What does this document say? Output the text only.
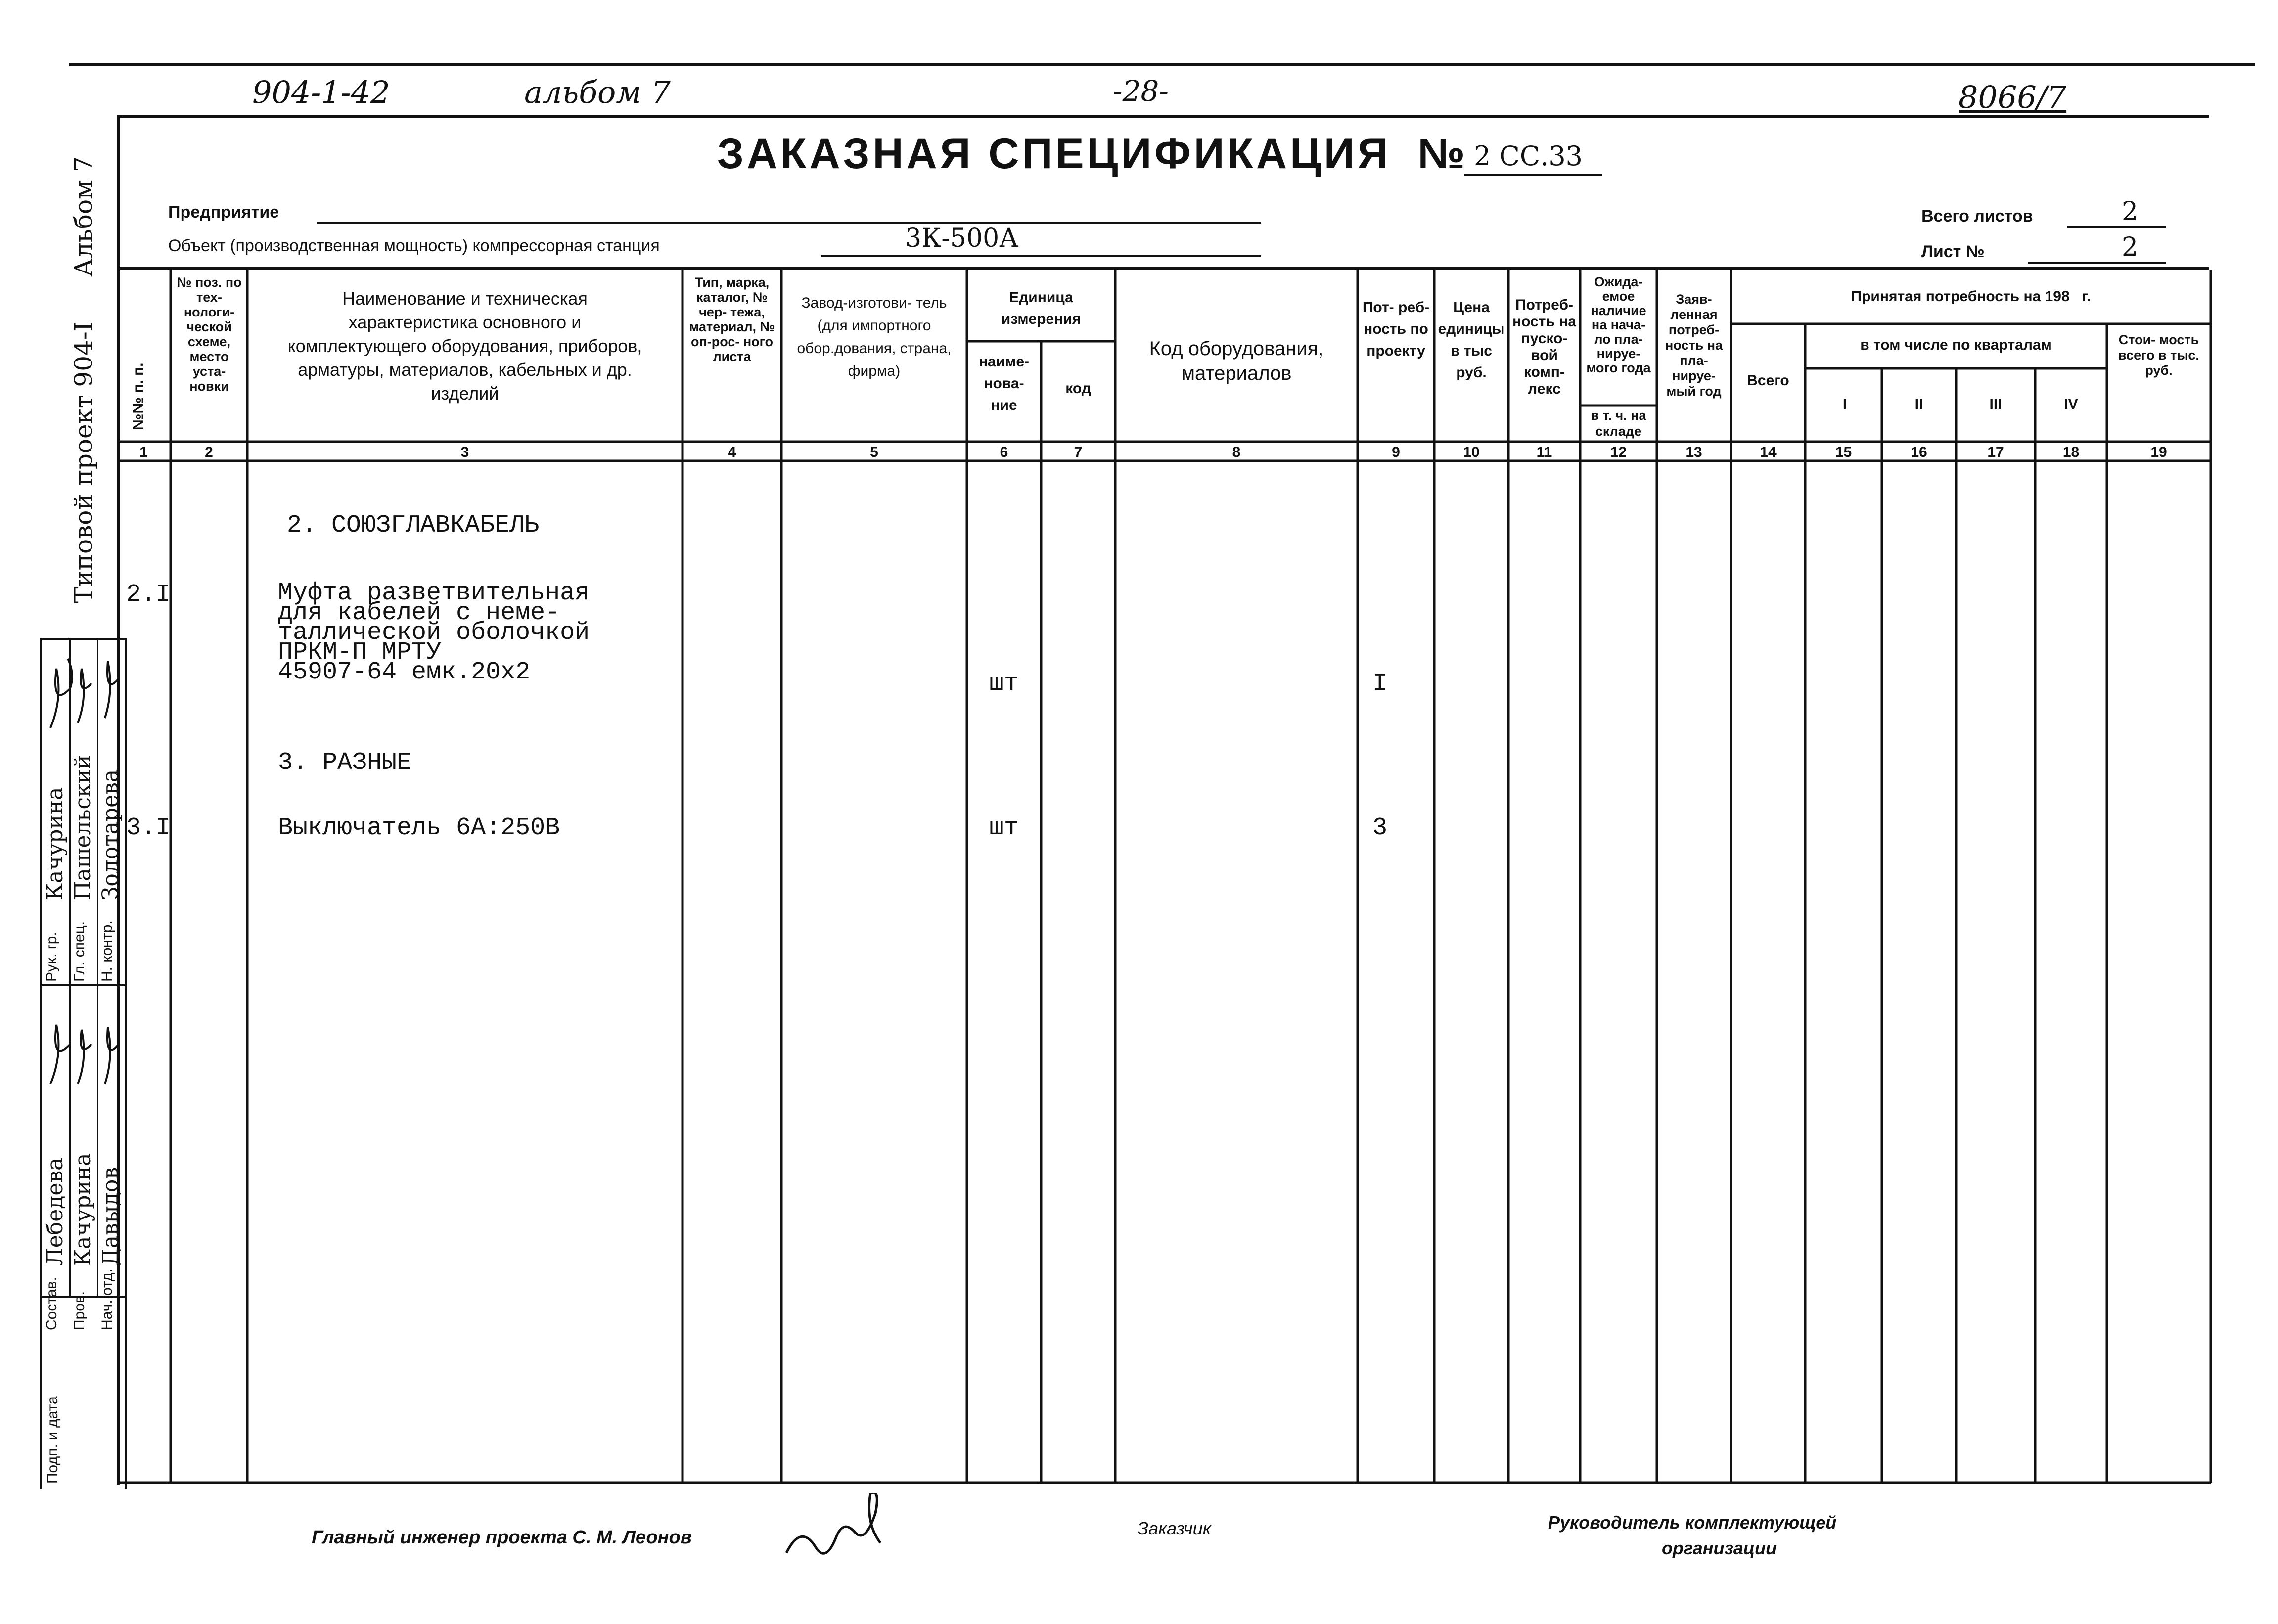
904-1-42	альбом 7	-28-	8066/7
Альбом 7
Типовой проект 904-I
Рук. гр. Гл. спец. Н. контр.
Качурина Пашельский Золотарева
Состав. Пров. Нач. отд.
Лебедева Качурина Давыдов
Подп. и дата
ЗАКАЗНАЯ СПЕЦИФИКАЦИЯ № 2 СС.33
Предприятие
Объект (производственная мощность) компрессорная станция	3К-500А
Всего листов	2
Лист №	2
№№ п. п.
№ поз. по тех- нологи- ческой схеме, место уста- новки
Наименование и техническая характеристика основного и комплектующего оборудования, приборов, арматуры, материалов, кабельных и др. изделий
Тип, марка, каталог, № чер- тежа, материал, № оп-рос- ного листа
Завод-изготови- тель (для импортного обор.дования, страна, фирма)
Единица измерения
наиме- нова- ние
код
Код оборудования, материалов
Пот- реб- ность по проекту
Цена единицы в тыс руб.
Потреб- ность на пуско- вой комп- лекс
Ожида- емое наличие на нача- ло пла- нируе- мого года
в т. ч. на складе
Заяв- ленная потреб- ность на пла- нируе- мый год
Принятая потребность на 198   г.
Всего
в том числе по кварталам
I	II	III	IV
Стои- мость всего в тыс. руб.
1	2	3	4	5	6	7	8	9	10	11	12	13	14	15	16	17	18	19
2. СОЮЗГЛАВКАБЕЛЬ
2.I	Муфта разветвительная
для кабелей с неме-
таллической оболочкой
ПРКМ-П МРТУ
45907-64 емк.20х2	шт	I
3. РАЗНЫЕ
3.I	Выключатель 6А:250В	шт	3
Главный инженер проекта С. М. Леонов	Заказчик	Руководитель комплектующей
организации
